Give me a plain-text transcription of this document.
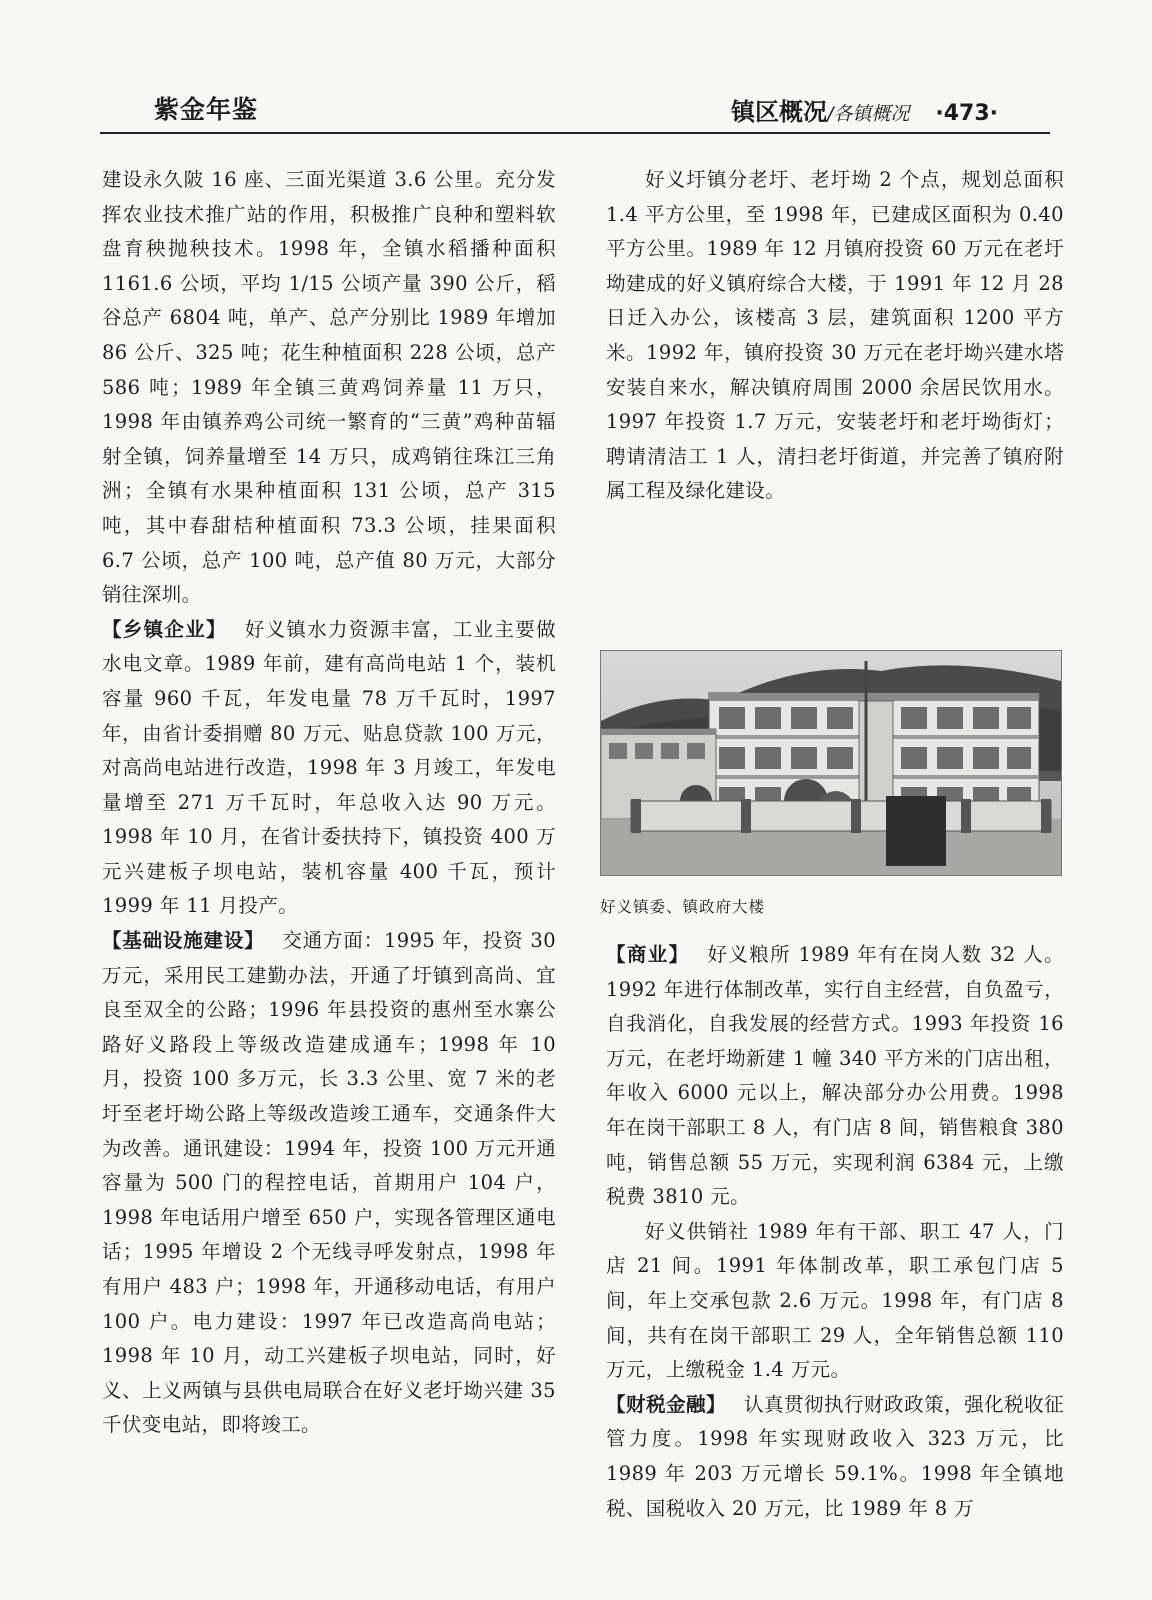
紫金年鉴	镇区概况/各镇概况 ·473·

建设永久陂 16 座、三面光渠道 3.6 公里。充分发挥农业技术推广站的作用，积极推广良种和塑料软盘育秧抛秧技术。1998 年，全镇水稻播种面积 1161.6 公顷，平均 1/15 公顷产量 390 公斤，稻谷总产 6804 吨，单产、总产分别比 1989 年增加 86 公斤、325 吨；花生种植面积 228 公顷，总产 586 吨；1989 年全镇三黄鸡饲养量 11 万只，1998 年由镇养鸡公司统一繁育的“三黄”鸡种苗辐射全镇，饲养量增至 14 万只，成鸡销往珠江三角洲；全镇有水果种植面积 131 公顷，总产 315 吨，其中春甜桔种植面积 73.3 公顷，挂果面积 6.7 公顷，总产 100 吨，总产值 80 万元，大部分销往深圳。

【乡镇企业】 好义镇水力资源丰富，工业主要做水电文章。1989 年前，建有高尚电站 1 个，装机容量 960 千瓦，年发电量 78 万千瓦时，1997 年，由省计委捐赠 80 万元、贴息贷款 100 万元，对高尚电站进行改造，1998 年 3 月竣工，年发电量增至 271 万千瓦时，年总收入达 90 万元。1998 年 10 月，在省计委扶持下，镇投资 400 万元兴建板子坝电站，装机容量 400 千瓦，预计 1999 年 11 月投产。

【基础设施建设】 交通方面：1995 年，投资 30 万元，采用民工建勤办法，开通了圩镇到高尚、宜良至双全的公路；1996 年县投资的惠州至水寨公路好义路段上等级改造建成通车；1998 年 10 月，投资 100 多万元，长 3.3 公里、宽 7 米的老圩至老圩坳公路上等级改造竣工通车，交通条件大为改善。通讯建设：1994 年，投资 100 万元开通容量为 500 门的程控电话，首期用户 104 户，1998 年电话用户增至 650 户，实现各管理区通电话；1995 年增设 2 个无线寻呼发射点，1998 年有用户 483 户；1998 年，开通移动电话，有用户 100 户。电力建设：1997 年已改造高尚电站；1998 年 10 月，动工兴建板子坝电站，同时，好义、上义两镇与县供电局联合在好义老圩坳兴建 35 千伏变电站，即将竣工。

好义圩镇分老圩、老圩坳 2 个点，规划总面积 1.4 平方公里，至 1998 年，已建成区面积为 0.40 平方公里。1989 年 12 月镇府投资 60 万元在老圩坳建成的好义镇府综合大楼，于 1991 年 12 月 28 日迁入办公，该楼高 3 层，建筑面积 1200 平方米。1992 年，镇府投资 30 万元在老圩坳兴建水塔安装自来水，解决镇府周围 2000 余居民饮用水。1997 年投资 1.7 万元，安装老圩和老圩坳街灯；聘请清洁工 1 人，清扫老圩街道，并完善了镇府附属工程及绿化建设。

好义镇委、镇政府大楼

【商业】 好义粮所 1989 年有在岗人数 32 人。1992 年进行体制改革，实行自主经营，自负盈亏，自我消化，自我发展的经营方式。1993 年投资 16 万元，在老圩坳新建 1 幢 340 平方米的门店出租，年收入 6000 元以上，解决部分办公用费。1998 年在岗干部职工 8 人，有门店 8 间，销售粮食 380 吨，销售总额 55 万元，实现利润 6384 元，上缴税费 3810 元。

好义供销社 1989 年有干部、职工 47 人，门店 21 间。1991 年体制改革，职工承包门店 5 间，年上交承包款 2.6 万元。1998 年，有门店 8 间，共有在岗干部职工 29 人，全年销售总额 110 万元，上缴税金 1.4 万元。

【财税金融】 认真贯彻执行财政政策，强化税收征管力度。1998 年实现财政收入 323 万元，比 1989 年 203 万元增长 59.1%。1998 年全镇地税、国税收入 20 万元，比 1989 年 8 万
